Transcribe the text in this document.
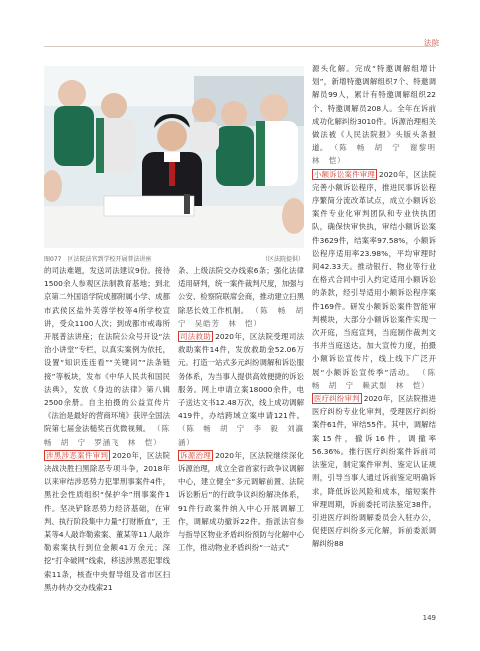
法院
图077　区法院法官到学校开展普法讲座	（区法院提供）

的司法难题，发送司法建议9份。接待1500余人参观区法制教育基地；到北京第二外国语学院成都附属小学、成都市武侯区盐外芙蓉学校等4所学校宣讲，受众1100人次；到成都市戒毒所开展普法讲座；在法院公众号开设“法治小讲堂”专栏，以真实案例为依托，设置“知识连连看”“关键词”“法条链接”等板块，发布《中华人民共和国民法典》，发放《身边的法律》第八辑2500余册。自主拍摄的公益宣传片《法治是最好的营商环境》获评全国法院第七届金法槌奖百优微视频。 （陈　畅　胡　宁　罗涵飞　林　恺）

涉黑涉恶案件审判 2020年，区法院决战决胜扫黑除恶专项斗争，2018年以来审结涉恶势力犯罪刑事案件4件，黑社会性质组织“保护伞”刑事案件1件。坚决铲除恶势力经济基础，在审判、执行阶段集中力量“打财断血”，王某等4人敲诈勒索案、董某等11人敲诈勒索案执行到位金额41万余元；深挖“打伞破网”线索，移送涉黑恶犯罪线索11条，核查中央督导组及省市区扫黑办转办交办线索21

条、上级法院交办线索6条；强化法律适用研判，统一案件裁判尺度，加强与公安、检察院联席会商，推动建立扫黑除恶长效工作机制。 （陈　畅　胡　宁　吴皓芳　林　恺）

司法救助 2020年，区法院受理司法救助案件14件，发放救助金52.06万元。打造一站式多元纠纷调解和诉讼服务体系，为当事人提供高效便捷的诉讼服务。网上申请立案18000余件，电子送达文书12.48万次，线上成功调解419件，办结跨域立案申请121件。 （陈　畅　胡　宁　李　毅　刘瀛涵）

诉源治理 2020年，区法院继续深化诉源治理，成立全省首家行政争议调解中心，建立健全“多元调解前置、法院诉讼断后”的行政争议纠纷解决体系，91件行政案件纳入中心开展调解工作，调解成功撤诉22件。指派法官参与指导区物业矛盾纠纷预防与化解中心工作，推动物业矛盾纠纷“一站式”

源头化解。完成“特邀调解组增计划”，新增特邀调解组织7个、特邀调解员99人，累计有特邀调解组织22个、特邀调解员208人。全年在诉前成功化解纠纷3010件。诉源治理相关做法被《人民法院报》头版头条报道。 （陈　畅　胡　宁　谢黎明　林　恺）

小额诉讼案件审理 2020年，区法院完善小额诉讼程序，推进民事诉讼程序繁简分流改革试点，成立小额诉讼案件专业化审判团队和专业快执团队，确保快审快执，审结小额诉讼案件3629件，结案率97.58%，小额诉讼程序适用率23.98%，平均审理时间42.33天。推动银行、物业等行业在格式合同中引入约定适用小额诉讼的条款，经引导适用小额诉讼程序案件169件。研发小额诉讼案件智能审判模块，大部分小额诉讼案件实现一次开庭，当庭宣判，当庭制作裁判文书并当庭送达。加大宣传力度，拍摄小额诉讼宣传片，线上线下广泛开展“小额诉讼宣传季”活动。 （陈　畅　胡　宁　赖武鬃　林　恺）

医疗纠纷审判 2020年，区法院推进医疗纠纷专业化审判，受理医疗纠纷案件61件，审结55件。其中，调解结案15件，撤诉16件，调撤率56.36%。推行医疗纠纷案件诉前司法鉴定，制定案件审判、鉴定认证规则，引导当事人通过诉前鉴定明确诉求，降低诉讼风险和成本，缩短案件审理周期，诉前委托司法鉴定38件。引进医疗纠纷调解委员会入驻办公，促使医疗纠纷多元化解，诉前委派调解纠纷88

149
